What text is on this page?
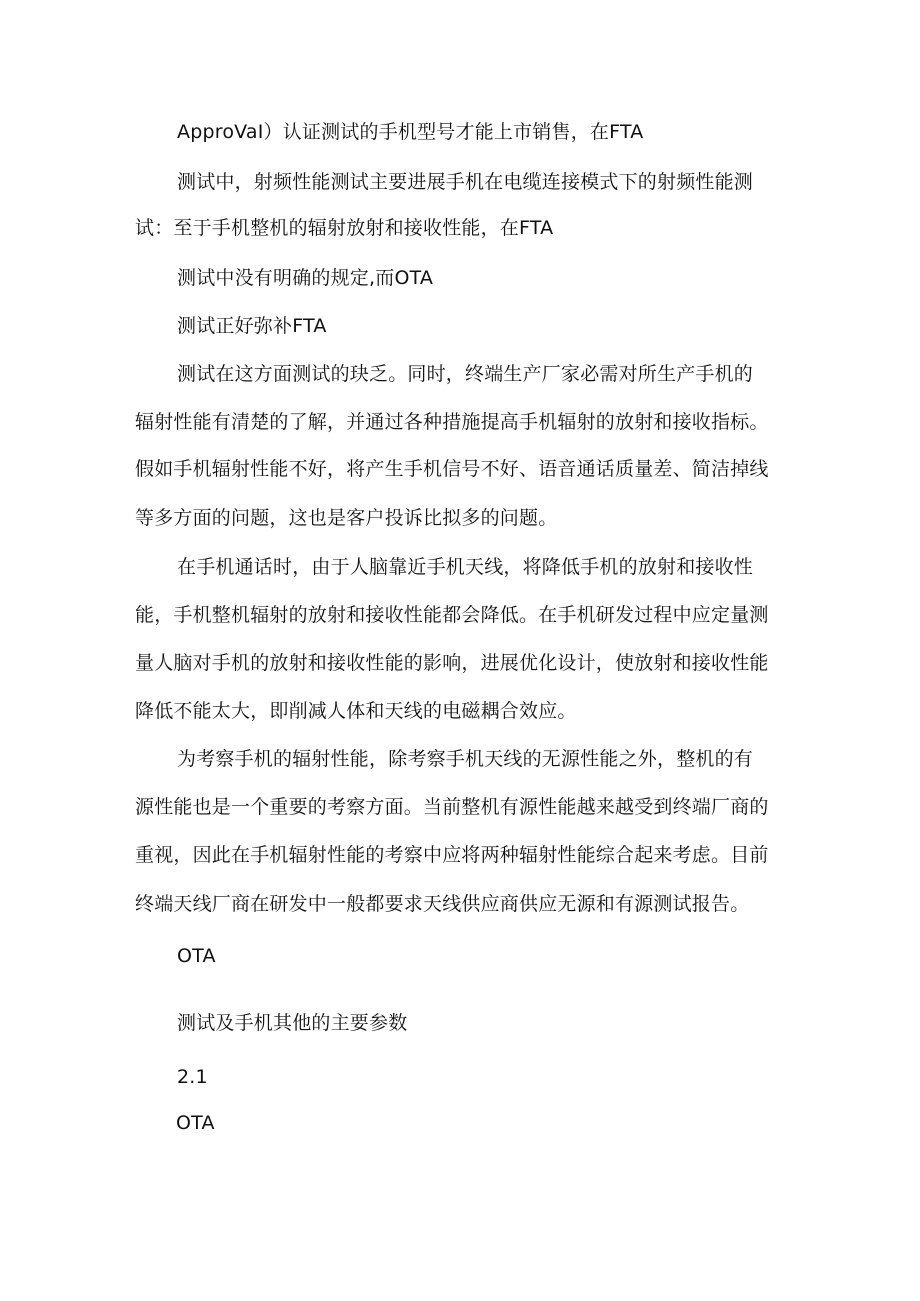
ApproVaI）认证测试的手机型号才能上市销售，在FTA
测试中，射频性能测试主要进展手机在电缆连接模式下的射频性能测
试：至于手机整机的辐射放射和接收性能，在FTA
测试中没有明确的规定,而OTA
测试正好弥补FTA
测试在这方面测试的玦乏。同时，终端生产厂家必需对所生产手机的
辐射性能有清楚的了解，并通过各种措施提高手机辐射的放射和接收指标。
假如手机辐射性能不好，将产生手机信号不好、语音通话质量差、简洁掉线
等多方面的问题，这也是客户投诉比拟多的问题。
在手机通话时，由于人脑靠近手机天线，将降低手机的放射和接收性
能，手机整机辐射的放射和接收性能都会降低。在手机研发过程中应定量测
量人脑对手机的放射和接收性能的影响，进展优化设计，使放射和接收性能
降低不能太大，即削减人体和天线的电磁耦合效应。
为考察手机的辐射性能，除考察手机天线的无源性能之外，整机的有
源性能也是一个重要的考察方面。当前整机有源性能越来越受到终端厂商的
重视，因此在手机辐射性能的考察中应将两种辐射性能综合起来考虑。目前
终端天线厂商在研发中一般都要求天线供应商供应无源和有源测试报告。
OTA
测试及手机其他的主要参数
2.1
OTA
